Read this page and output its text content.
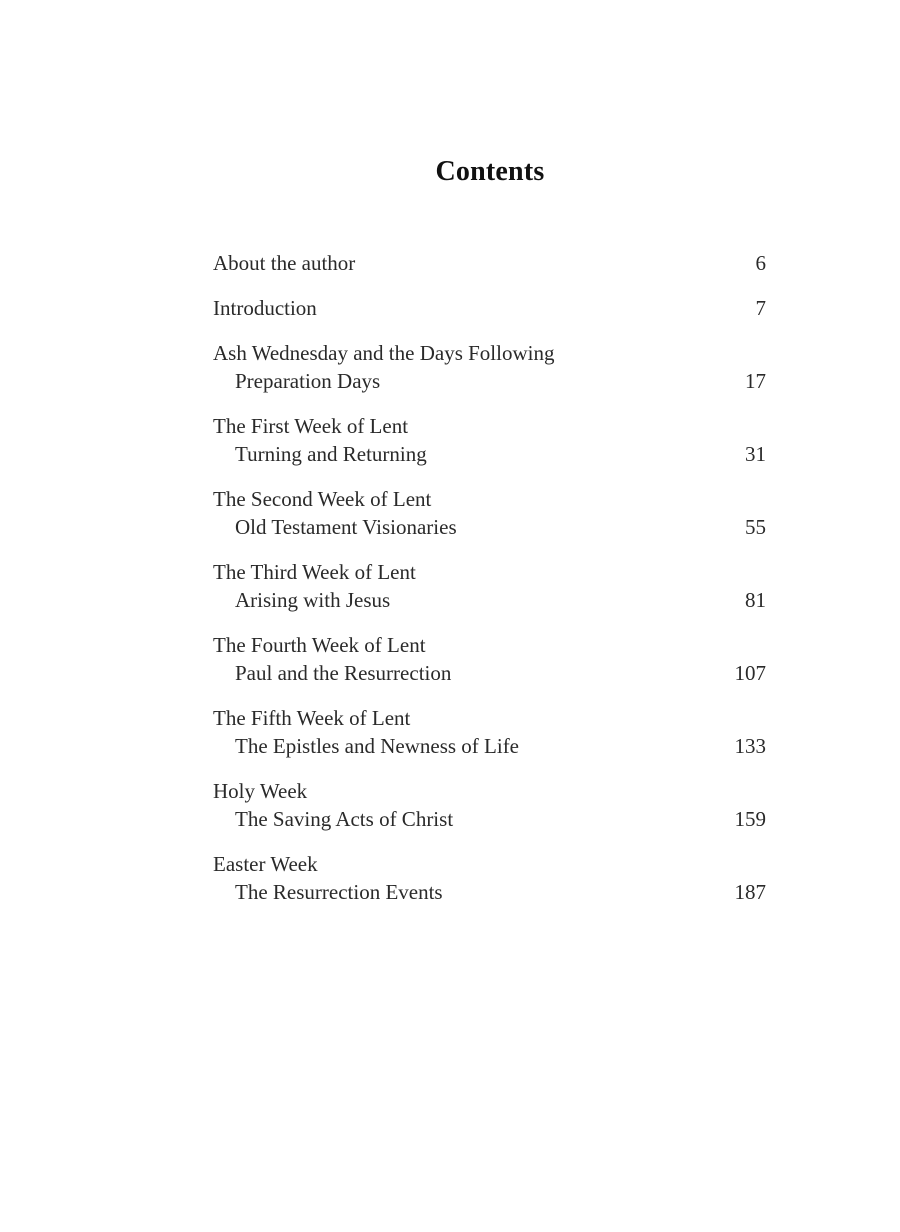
Contents
About the author	6
Introduction	7
Ash Wednesday and the Days Following
Preparation Days	17
The First Week of Lent
Turning and Returning	31
The Second Week of Lent
Old Testament Visionaries	55
The Third Week of Lent
Arising with Jesus	81
The Fourth Week of Lent
Paul and the Resurrection	107
The Fifth Week of Lent
The Epistles and Newness of Life	133
Holy Week
The Saving Acts of Christ	159
Easter Week
The Resurrection Events	187
